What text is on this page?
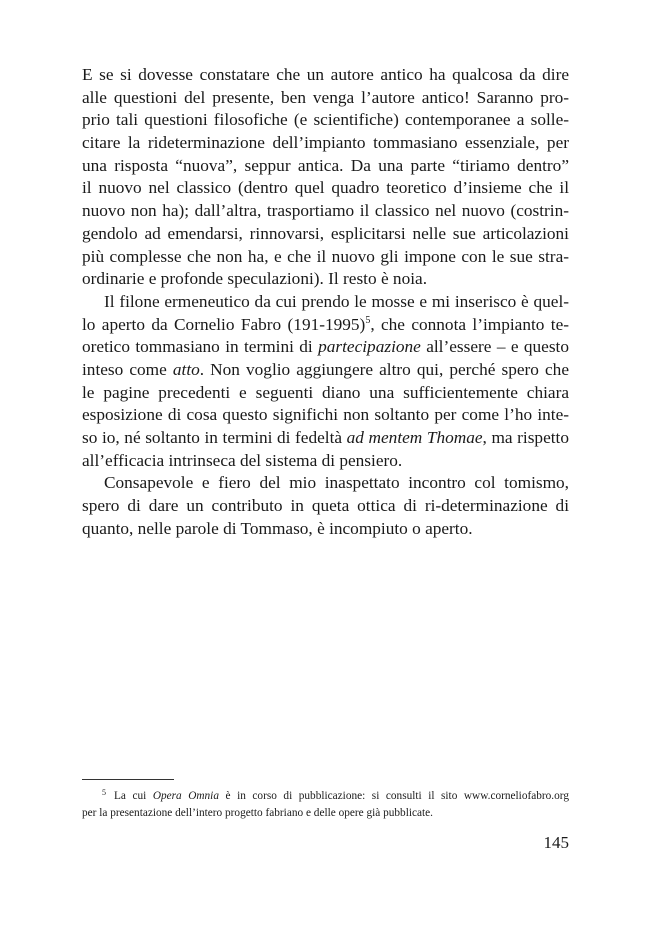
E se si dovesse constatare che un autore antico ha qualcosa da dire
alle questioni del presente, ben venga l’autore antico! Saranno pro-
prio tali questioni filosofiche (e scientifiche) contemporanee a solle-
citare la rideterminazione dell’impianto tommasiano essenziale, per
una risposta “nuova”, seppur antica. Da una parte “tiriamo dentro”
il nuovo nel classico (dentro quel quadro teoretico d’insieme che il
nuovo non ha); dall’altra, trasportiamo il classico nel nuovo (costrin-
gendolo ad emendarsi, rinnovarsi, esplicitarsi nelle sue articolazioni
più complesse che non ha, e che il nuovo gli impone con le sue stra-
ordinarie e profonde speculazioni). Il resto è noia.
Il filone ermeneutico da cui prendo le mosse e mi inserisco è quel-
lo aperto da Cornelio Fabro $(191-1995)^5$, che connota l’impianto te-
oretico tommasiano in termini di partecipazione all’essere – e questo
inteso come atto. Non voglio aggiungere altro qui, perché spero che
le pagine precedenti e seguenti diano una sufficientemente chiara
esposizione di cosa questo significhi non soltanto per come l’ho inte-
so io, né soltanto in termini di fedeltà ad mentem Thomae, ma rispetto
all’efficacia intrinseca del sistema di pensiero.
Consapevole e fiero del mio inaspettato incontro col tomismo,
spero di dare un contributo in queta ottica di ri-determinazione di
quanto, nelle parole di Tommaso, è incompiuto o aperto.
$^5$ La cui Opera Omnia è in corso di pubblicazione: si consulti il sito www.corneliofabro.org
per la presentazione dell’intero progetto fabriano e delle opere già pubblicate.
145
